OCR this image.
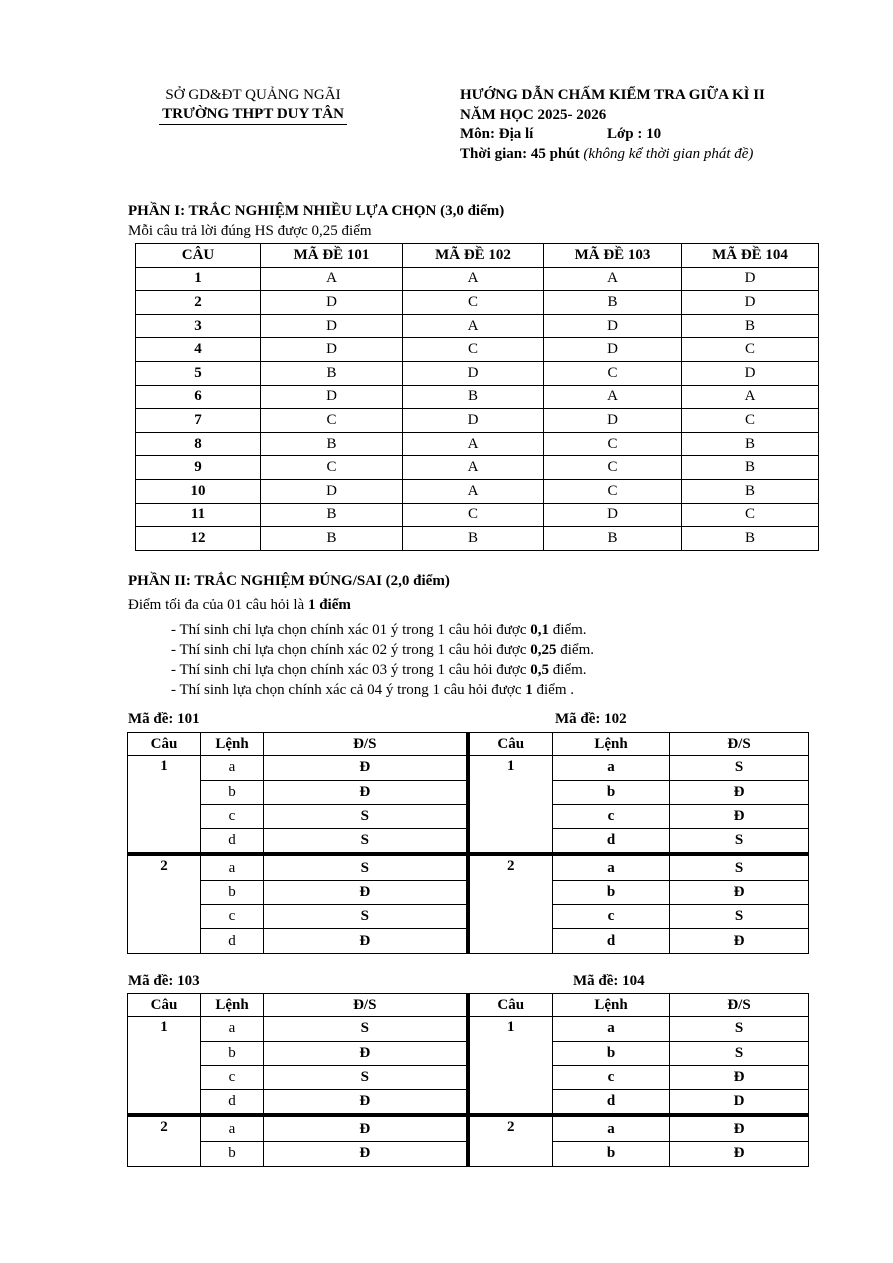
SỞ GD&ĐT QUẢNG NGÃI
TRƯỜNG THPT DUY TÂN
HƯỚNG DẪN CHẤM KIỂM TRA GIỮA KÌ II
NĂM HỌC 2025- 2026
Môn: Địa lí	Lớp : 10
Thời gian: 45 phút (không kể thời gian phát đề)
PHẦN I: TRẮC NGHIỆM NHIỀU LỰA CHỌN (3,0 điểm)
Mỗi câu trả lời đúng HS được 0,25 điểm
CÂU	MÃ ĐỀ 101	MÃ ĐỀ 102	MÃ ĐỀ 103	MÃ ĐỀ 104
1	A	A	A	D
2	D	C	B	D
3	D	A	D	B
4	D	C	D	C
5	B	D	C	D
6	D	B	A	A
7	C	D	D	C
8	B	A	C	B
9	C	A	C	B
10	D	A	C	B
11	B	C	D	C
12	B	B	B	B
PHẦN II: TRẮC NGHIỆM ĐÚNG/SAI (2,0 điểm)
Điểm tối đa của 01 câu hỏi là 1 điểm
- Thí sinh chỉ lựa chọn chính xác 01 ý trong 1 câu hỏi được 0,1 điểm.
- Thí sinh chỉ lựa chọn chính xác 02 ý trong 1 câu hỏi được 0,25 điểm.
- Thí sinh chỉ lựa chọn chính xác 03 ý trong 1 câu hỏi được 0,5 điểm.
- Thí sinh lựa chọn chính xác cả 04 ý trong 1 câu hỏi được 1 điểm .
Mã đề: 101	Mã đề: 102
Câu	Lệnh	Đ/S	Câu	Lệnh	Đ/S
1	a	Đ	1	a	S
	b	Đ		b	Đ
	c	S		c	Đ
	d	S		d	S
2	a	S	2	a	S
	b	Đ		b	Đ
	c	S		c	S
	d	Đ		d	Đ
Mã đề: 103	Mã đề: 104
Câu	Lệnh	Đ/S	Câu	Lệnh	Đ/S
1	a	S	1	a	S
	b	Đ		b	S
	c	S		c	Đ
	d	Đ		d	D
2	a	Đ	2	a	Đ
	b	Đ		b	Đ
